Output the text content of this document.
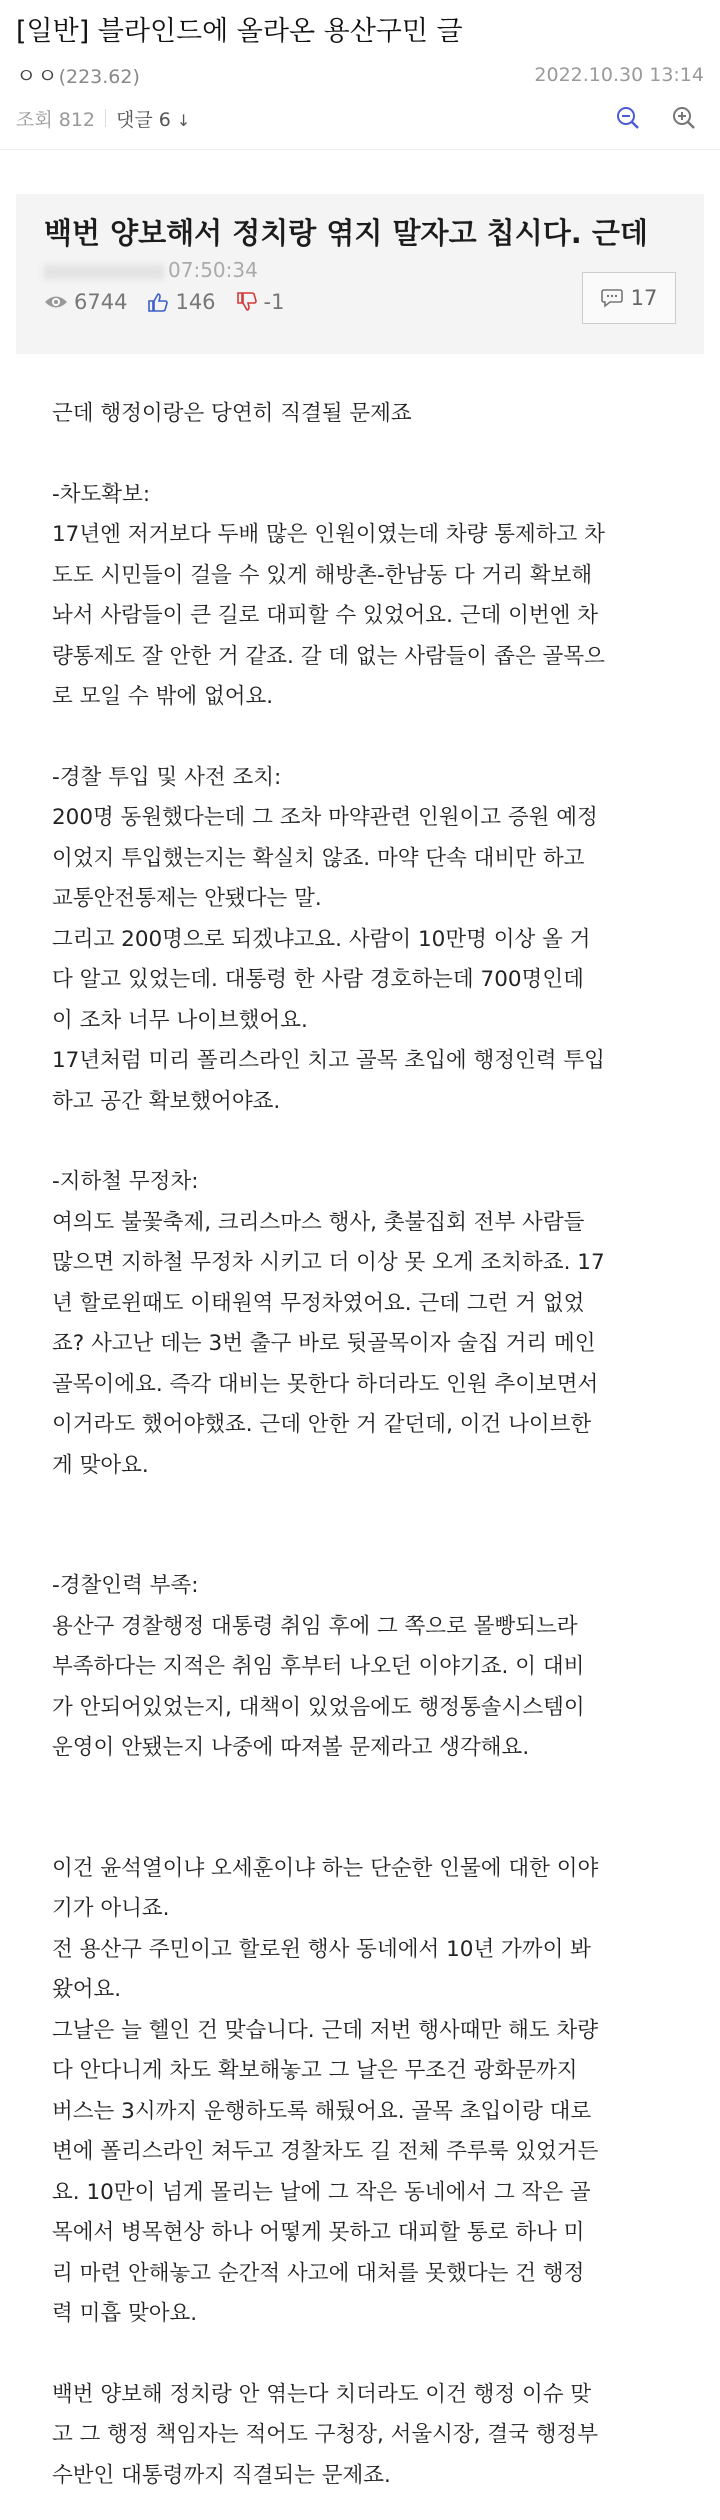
[일반] 블라인드에 올라온 용산구민 글
ㅇㅇ(223.62)	2022.10.30 13:14
조회 812 댓글 6 ↓
백번 양보해서 정치랑 엮지 말자고 칩시다. 근데
07:50:34
6744 146 -1	17
근데 행정이랑은 당연히 직결될 문제죠
-차도확보:
17년엔 저거보다 두배 많은 인원이였는데 차량 통제하고 차
도도 시민들이 걸을 수 있게 해방촌-한남동 다 거리 확보해
놔서 사람들이 큰 길로 대피할 수 있었어요. 근데 이번엔 차
량통제도 잘 안한 거 같죠. 갈 데 없는 사람들이 좁은 골목으
로 모일 수 밖에 없어요.
-경찰 투입 및 사전 조치:
200명 동원했다는데 그 조차 마약관련 인원이고 증원 예정
이었지 투입했는지는 확실치 않죠. 마약 단속 대비만 하고
교통안전통제는 안됐다는 말.
그리고 200명으로 되겠냐고요. 사람이 10만명 이상 올 거
다 알고 있었는데. 대통령 한 사람 경호하는데 700명인데
이 조차 너무 나이브했어요.
17년처럼 미리 폴리스라인 치고 골목 초입에 행정인력 투입
하고 공간 확보했어야죠.
-지하철 무정차:
여의도 불꽃축제, 크리스마스 행사, 촛불집회 전부 사람들
많으면 지하철 무정차 시키고 더 이상 못 오게 조치하죠. 17
년 할로윈때도 이태원역 무정차였어요. 근데 그런 거 없었
죠? 사고난 데는 3번 출구 바로 뒷골목이자 술집 거리 메인
골목이에요. 즉각 대비는 못한다 하더라도 인원 추이보면서
이거라도 했어야했죠. 근데 안한 거 같던데, 이건 나이브한
게 맞아요.
-경찰인력 부족:
용산구 경찰행정 대통령 취임 후에 그 쪽으로 몰빵되느라
부족하다는 지적은 취임 후부터 나오던 이야기죠. 이 대비
가 안되어있었는지, 대책이 있었음에도 행정통솔시스템이
운영이 안됐는지 나중에 따져볼 문제라고 생각해요.
이건 윤석열이냐 오세훈이냐 하는 단순한 인물에 대한 이야
기가 아니죠.
전 용산구 주민이고 할로윈 행사 동네에서 10년 가까이 봐
왔어요.
그날은 늘 헬인 건 맞습니다. 근데 저번 행사때만 해도 차량
다 안다니게 차도 확보해놓고 그 날은 무조건 광화문까지
버스는 3시까지 운행하도록 해뒀어요. 골목 초입이랑 대로
변에 폴리스라인 쳐두고 경찰차도 길 전체 주루룩 있었거든
요. 10만이 넘게 몰리는 날에 그 작은 동네에서 그 작은 골
목에서 병목현상 하나 어떻게 못하고 대피할 통로 하나 미
리 마련 안해놓고 순간적 사고에 대처를 못했다는 건 행정
력 미흡 맞아요.
백번 양보해 정치랑 안 엮는다 치더라도 이건 행정 이슈 맞
고 그 행정 책임자는 적어도 구청장, 서울시장, 결국 행정부
수반인 대통령까지 직결되는 문제죠.
